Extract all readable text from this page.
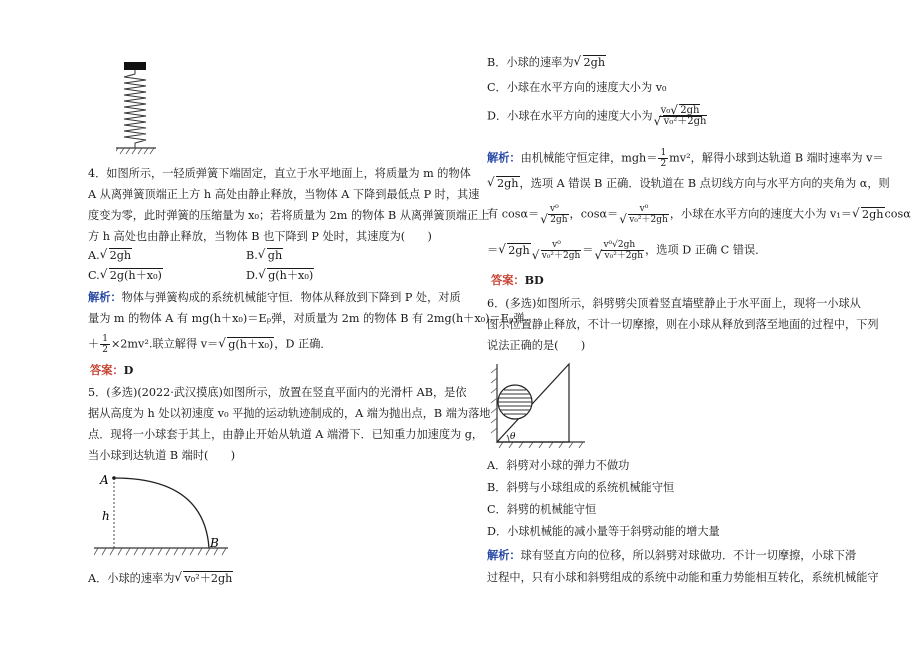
4．如图所示，一轻质弹簧下端固定，直立于水平地面上，将质量为 m 的物体
A 从离弹簧顶端正上方 h 高处由静止释放，当物体 A 下降到最低点 P 时，其速
度变为零，此时弹簧的压缩量为 x₀；若将质量为 2m 的物体 B 从离弹簧顶端正上
方 h 高处也由静止释放，当物体 B 也下降到 P 处时，其速度为(　　)
A. √ 2gh	B. √ gh
C. √ 2g(h＋x₀)	D. √ g(h＋x₀)
解析：物体与弹簧构成的系统机械能守恒．物体从释放到下降到 P 处，对质
量为 m 的物体 A 有 mg(h＋x₀)＝Eₚ弹，对质量为 2m 的物体 B 有 2mg(h＋x₀)＝Eₚ弹
＋ $\frac{1}{2} \times 2mv^2$.联立解得 v＝ √ g(h＋x₀)，D 正确．
答案：D
5．(多选)(2022·武汉摸底)如图所示，放置在竖直平面内的光滑杆 AB，是依
据从高度为 h 处以初速度 v₀ 平抛的运动轨迹制成的，A 端为抛出点，B 端为落地
点．现将一小球套于其上，由静止开始从轨道 A 端滑下．已知重力加速度为 g，
当小球到达轨道 B 端时(　　)
A
h
B
A．小球的速率为 √ v₀²＋2gh
B．小球的速率为 √ 2gh
C．小球在水平方向的速度大小为 v₀
D．小球在水平方向的速度大小为 v₀ √ 2gh
√ v₀²＋2gh
解析：由机械能守恒定律，$mgh= \frac{1}{2} mv^2$，解得小球到达轨道 B 端时速率为 v＝
√ 2gh，选项 A 错误 B 正确．设轨道在 B 点切线方向与水平方向的夹角为 α，则
有 cosα＝ v⁰
√ 2gh ，cosα＝ v⁰
√ v₀²＋2gh ，小球在水平方向的速度大小为 v₁＝ √ 2ghcosα
＝ √ 2gh v⁰
√ v₀²＋2gh ＝ v⁰√2gh
√ v₀²＋2gh ，选项 D 正确 C 错误．
答案：BD
6．(多选)如图所示，斜劈劈尖顶着竖直墙壁静止于水平面上，现将一小球从
图示位置静止释放，不计一切摩擦，则在小球从释放到落至地面的过程中，下列
说法正确的是(　　)
θ
A．斜劈对小球的弹力不做功
B．斜劈与小球组成的系统机械能守恒
C．斜劈的机械能守恒
D．小球机械能的减小量等于斜劈动能的增大量
解析：球有竖直方向的位移，所以斜劈对球做功．不计一切摩擦，小球下滑
过程中，只有小球和斜劈组成的系统中动能和重力势能相互转化，系统机械能守
